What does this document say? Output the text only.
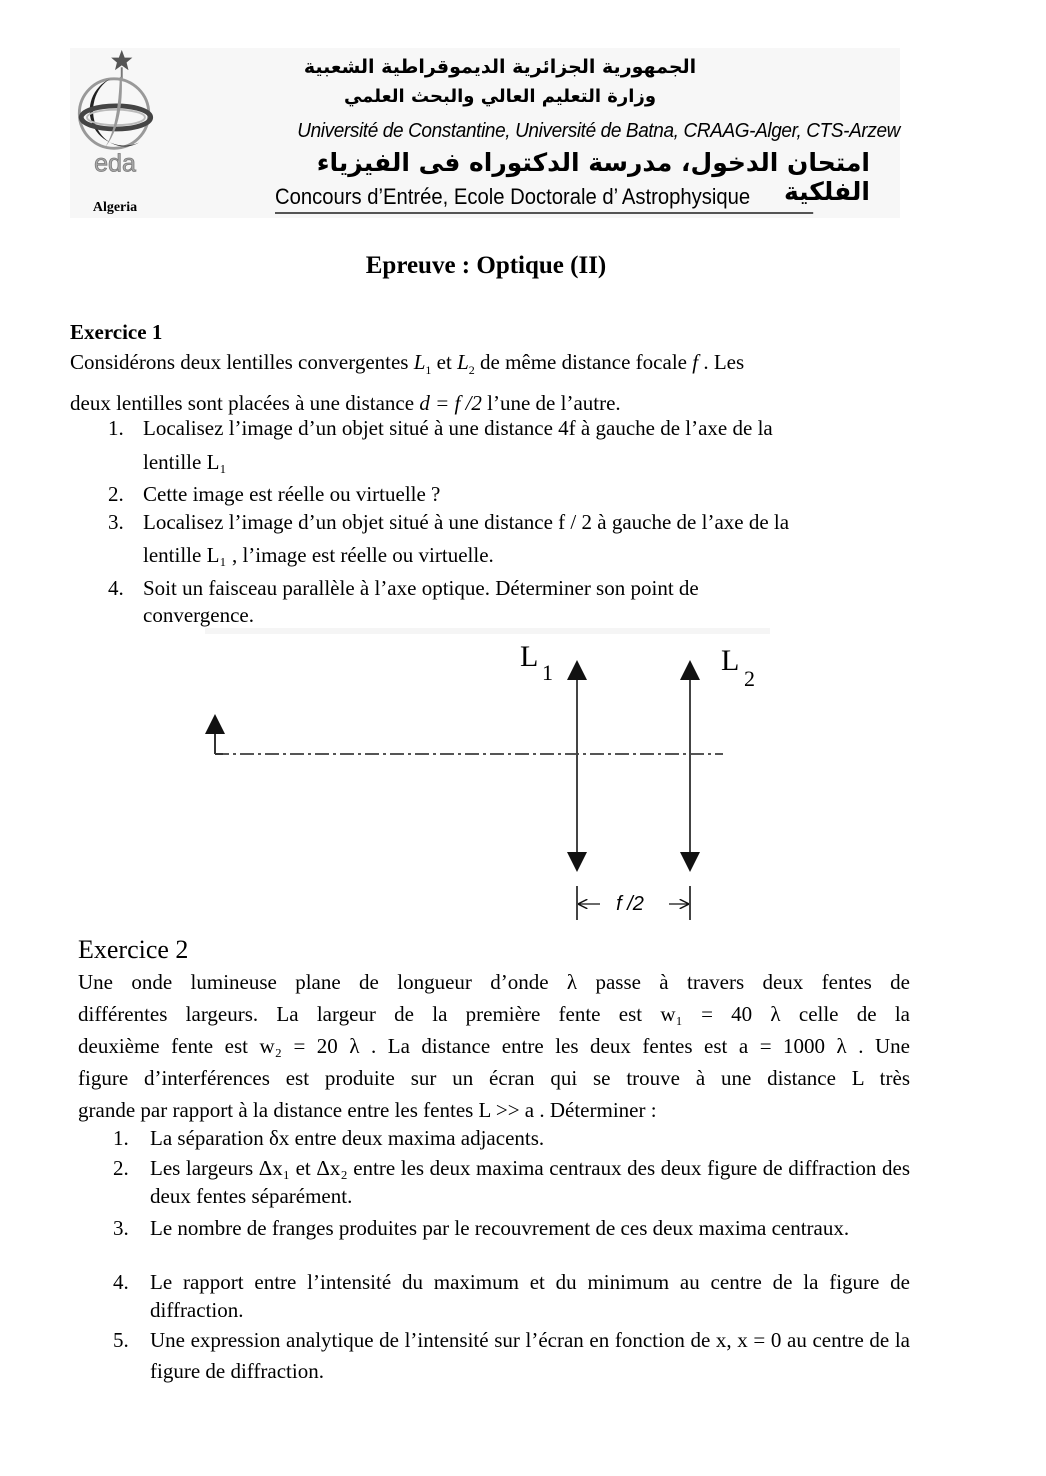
eda
Algeria
الجمهورية الجزائرية الديموقراطية الشعبية
وزارة التعليم العالي والبحث العلمي
Université de Constantine, Université de Batna, CRAAG-Alger, CTS-Arzew
امتحان الدخول، مدرسة الدكتوراه فى الفيزياء الفلكية
Concours d’Entrée, Ecole Doctorale d’ Astrophysique
Epreuve : Optique (II)
Exercice 1
Considérons deux lentilles convergentes $L_1$ et $L_2$ de même distance focale f . Les
deux lentilles sont placées à une distance d = f /2 l’une de l’autre.
1. Localisez l’image d’un objet situé à une distance 4f à gauche de l’axe de la
lentille L₁
2. Cette image est réelle ou virtuelle ?
3. Localisez l’image d’un objet situé à une distance f / 2 à gauche de l’axe de la
lentille L₁ , l’image est réelle ou virtuelle.
4. Soit un faisceau parallèle à l’axe optique. Déterminer son point de
convergence.
L 1	L
2
f /2
Exercice 2
Une onde lumineuse plane de longueur d’onde λ passe à travers deux fentes de
différentes largeurs. La largeur de la première fente est w₁ = 40 λ celle de la
deuxième fente est w₂ = 20 λ . La distance entre les deux fentes est a = 1000 λ . Une
figure d’interférences est produite sur un écran qui se trouve à une distance L très
grande par rapport à la distance entre les fentes L >> a . Déterminer :
1. La séparation δx entre deux maxima adjacents.
2. Les largeurs Δx₁ et Δx₂ entre les deux maxima centraux des deux figure de diffraction des deux fentes séparément.
3. Le nombre de franges produites par le recouvrement de ces deux maxima centraux.
4. Le rapport entre l’intensité du maximum et du minimum au centre de la figure de diffraction.
5. Une expression analytique de l’intensité sur l’écran en fonction de x, x = 0 au centre de la figure de diffraction.
